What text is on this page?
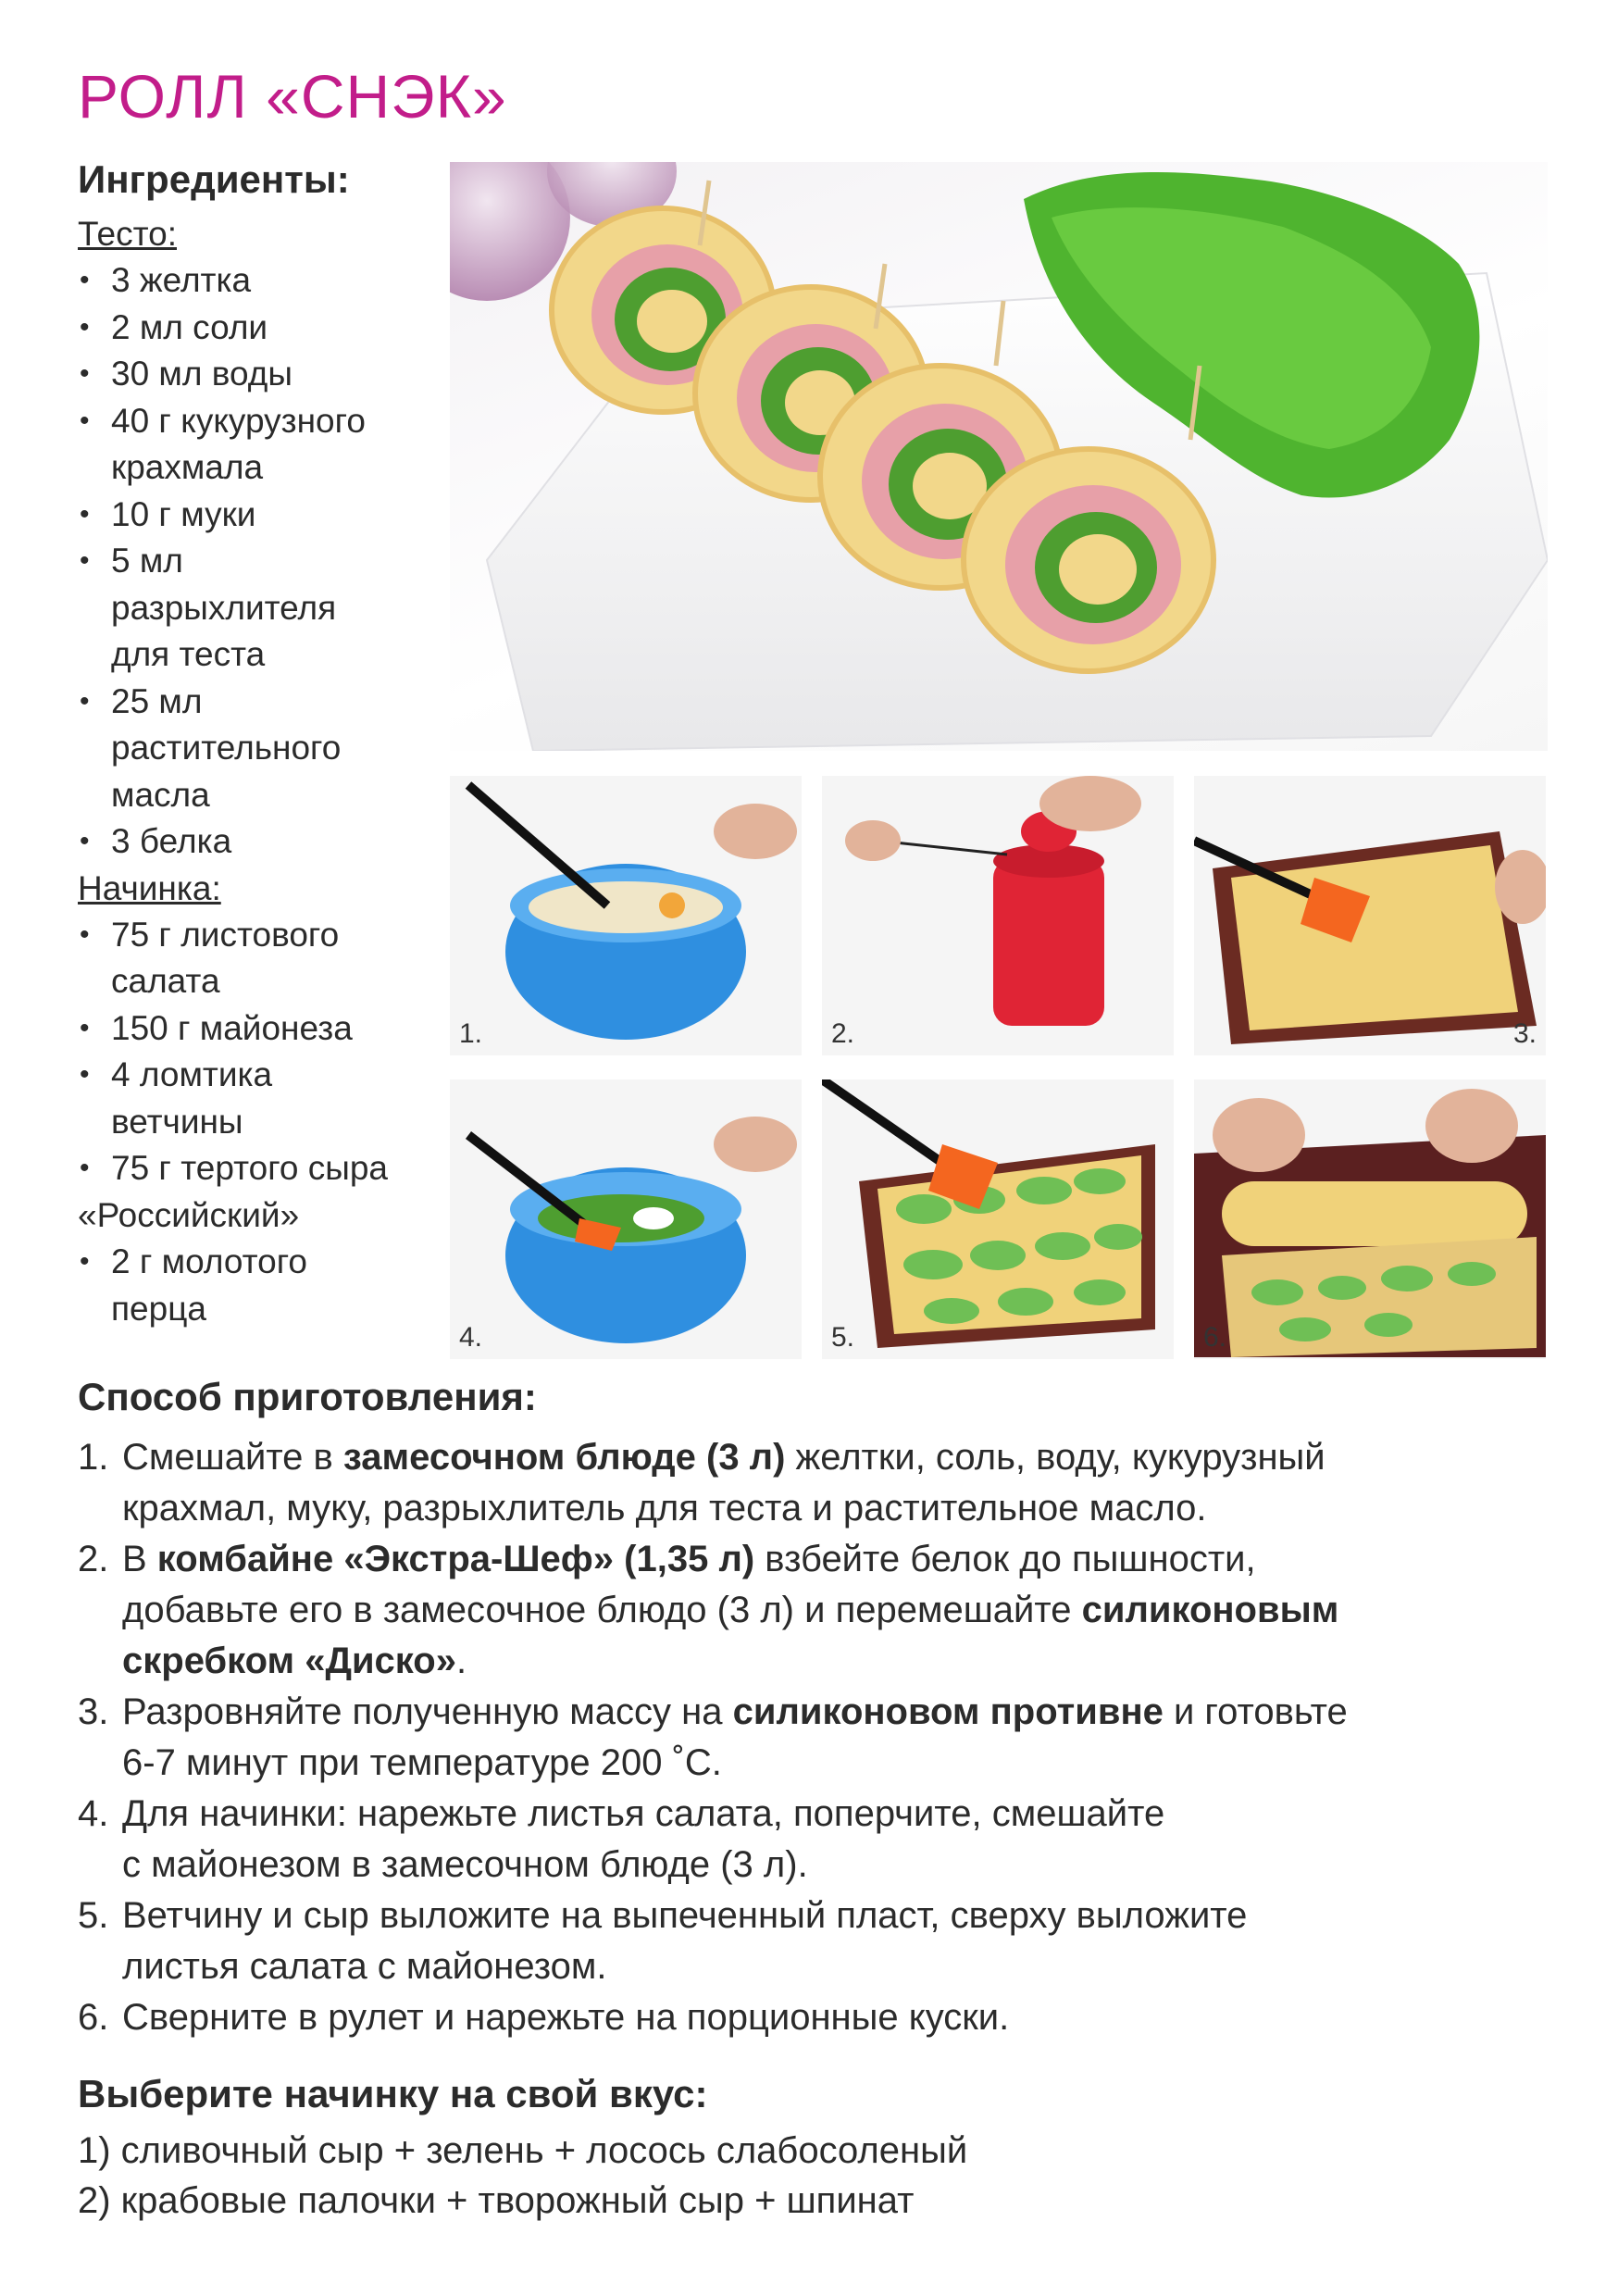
РОЛЛ «СНЭК»
Ингредиенты:
Тесто:
• 3 желтка
• 2 мл соли
• 30 мл воды
• 40 г кукурузного
крахмала
• 10 г муки
• 5 мл
разрыхлителя
для теста
• 25 мл
растительного
масла
• 3 белка
Начинка:
• 75 г листового
салата
• 150 г майонеза
• 4 ломтика
ветчины
• 75 г тертого сыра
«Российский»
• 2 г молотого
перца
1.	2.	3.
4.	5.	6.
Способ приготовления:
1. Смешайте в замесочном блюде (3 л) желтки, соль, воду, кукурузный
крахмал, муку, разрыхлитель для теста и растительное масло.
2. В комбайне «Экстра-Шеф» (1,35 л) взбейте белок до пышности,
добавьте его в замесочное блюдо (3 л) и перемешайте силиконовым
скребком «Диско».
3. Разровняйте полученную массу на силиконовом противне и готовьте
6-7 минут при температуре 200 ˚С.
4. Для начинки: нарежьте листья салата, поперчите, смешайте
с майонезом в замесочном блюде (3 л).
5. Ветчину и сыр выложите на выпеченный пласт, сверху выложите
листья салата с майонезом.
6. Сверните в рулет и нарежьте на порционные куски.
Выберите начинку на свой вкус:

1) сливочный сыр + зелень + лосось слабосоленый

2) крабовые палочки + творожный сыр + шпинат
